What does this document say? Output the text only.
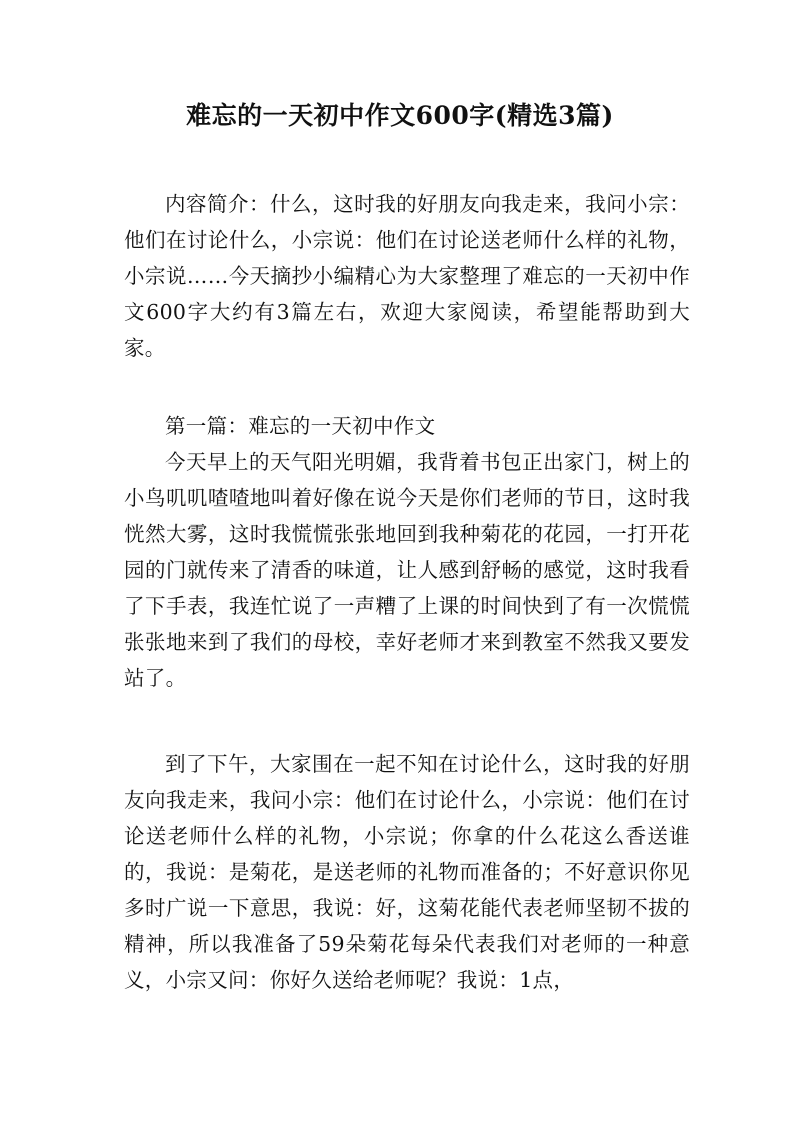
难忘的一天初中作文600字(精选3篇)

内容简介：什么，这时我的好朋友向我走来，我问小宗：他们在讨论什么，小宗说：他们在讨论送老师什么样的礼物，小宗说……今天摘抄小编精心为大家整理了难忘的一天初中作文600字大约有3篇左右，欢迎大家阅读，希望能帮助到大家。

第一篇：难忘的一天初中作文

今天早上的天气阳光明媚，我背着书包正出家门，树上的小鸟叽叽喳喳地叫着好像在说今天是你们老师的节日，这时我恍然大雾，这时我慌慌张张地回到我种菊花的花园，一打开花园的门就传来了清香的味道，让人感到舒畅的感觉，这时我看了下手表，我连忙说了一声糟了上课的时间快到了有一次慌慌张张地来到了我们的母校，幸好老师才来到教室不然我又要发站了。

到了下午，大家围在一起不知在讨论什么，这时我的好朋友向我走来，我问小宗：他们在讨论什么，小宗说：他们在讨论送老师什么样的礼物，小宗说；你拿的什么花这么香送谁的，我说：是菊花，是送老师的礼物而准备的；不好意识你见多时广说一下意思，我说：好，这菊花能代表老师坚韧不拔的精神，所以我准备了59朵菊花每朵代表我们对老师的一种意义，小宗又问：你好久送给老师呢？我说：1点，
